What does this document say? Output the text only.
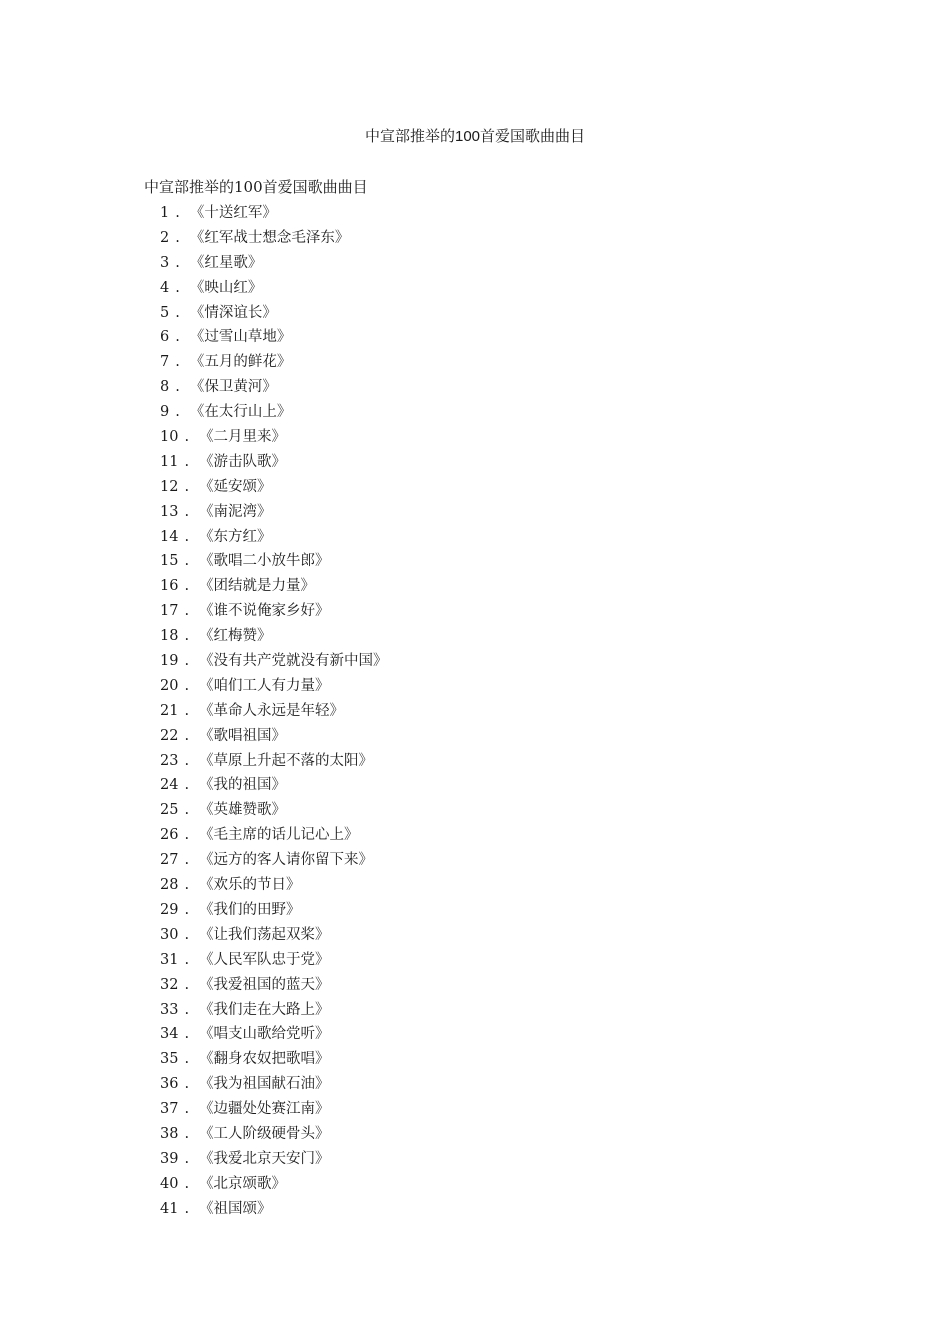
中宣部推举的100首爱国歌曲曲目
中宣部推举的100首爱国歌曲曲目
1 . 《十送红军》
2 . 《红军战士想念毛泽东》
3 . 《红星歌》
4 . 《映山红》
5 . 《情深谊长》
6 . 《过雪山草地》
7 . 《五月的鲜花》
8 . 《保卫黄河》
9 . 《在太行山上》
10 . 《二月里来》
11 . 《游击队歌》
12 . 《延安颂》
13 . 《南泥湾》
14 . 《东方红》
15 . 《歌唱二小放牛郎》
16 . 《团结就是力量》
17 . 《谁不说俺家乡好》
18 . 《红梅赞》
19 . 《没有共产党就没有新中国》
20 . 《咱们工人有力量》
21 . 《革命人永远是年轻》
22 . 《歌唱祖国》
23 . 《草原上升起不落的太阳》
24 . 《我的祖国》
25 . 《英雄赞歌》
26 . 《毛主席的话儿记心上》
27 . 《远方的客人请你留下来》
28 . 《欢乐的节日》
29 . 《我们的田野》
30 . 《让我们荡起双桨》
31 . 《人民军队忠于党》
32 . 《我爱祖国的蓝天》
33 . 《我们走在大路上》
34 . 《唱支山歌给党听》
35 . 《翻身农奴把歌唱》
36 . 《我为祖国献石油》
37 . 《边疆处处赛江南》
38 . 《工人阶级硬骨头》
39 . 《我爱北京天安门》
40 . 《北京颂歌》
41 . 《祖国颂》
